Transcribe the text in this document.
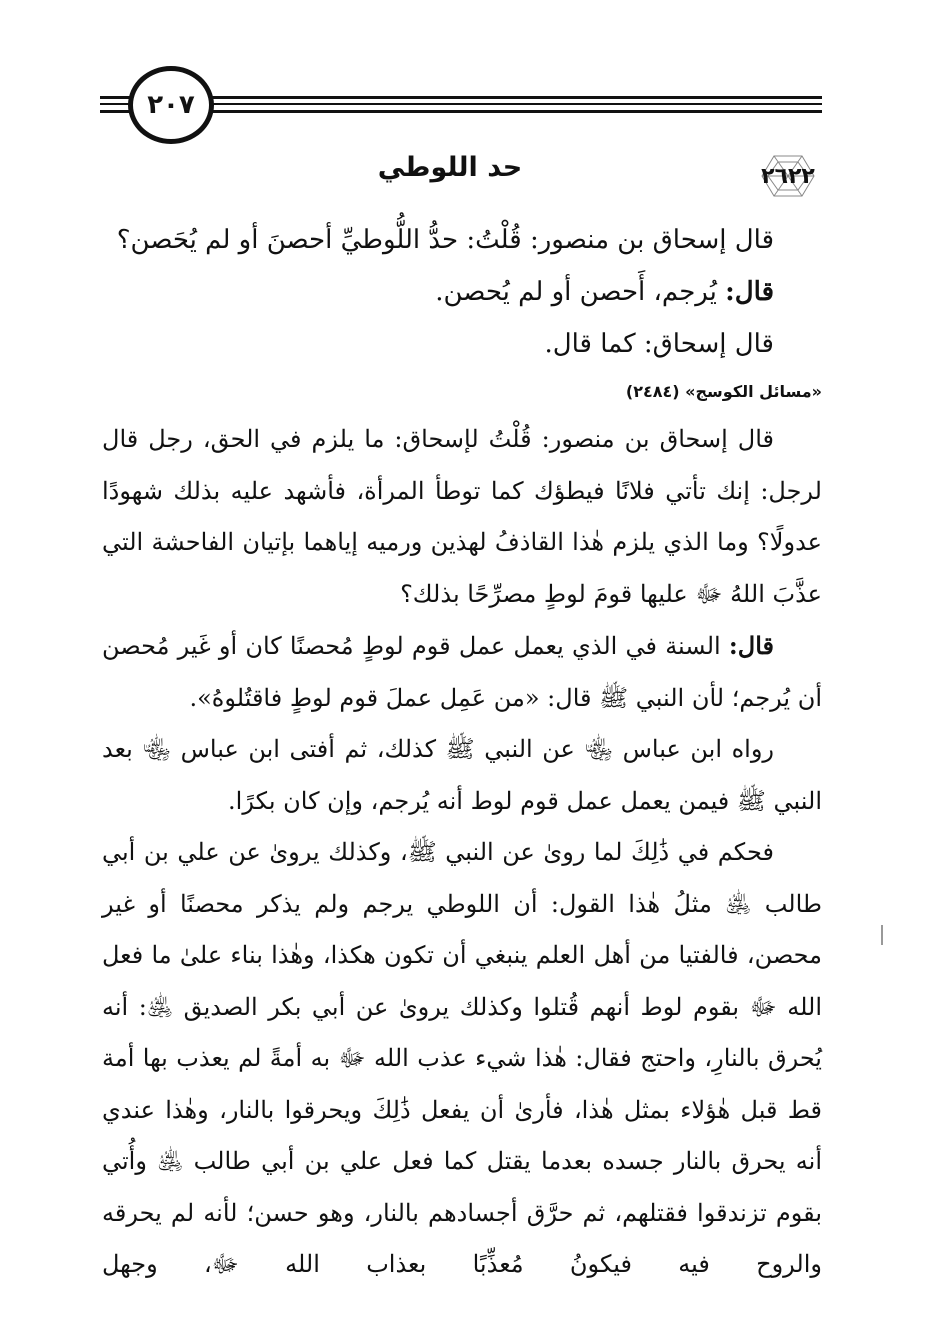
٢٠٧
٢٦٢٢
حد اللوطي
قال إسحاق بن منصور: قُلْتُ: حدُّ اللُّوطيِّ أحصنَ أو لم يُحَصن؟
قال: يُرجم، أَحصن أو لم يُحصن.
قال إسحاق: كما قال.
«مسائل الكوسج» (٢٤٨٤)

قال إسحاق بن منصور: قُلْتُ لإسحاق: ما يلزم في الحق، رجل قال لرجل: إنك تأتي فلانًا فيطؤك كما توطأ المرأة، فأشهد عليه بذلك شهودًا عدولًا؟ وما الذي يلزم هٰذا القاذفُ لهذين ورميه إياهما بإتيان الفاحشة التي عذَّبَ اللهُ ﷻ عليها قومَ لوطٍ مصرِّحًا بذلك؟

قال: السنة في الذي يعمل عمل قوم لوطٍ مُحصنًا كان أو غَير مُحصن أن يُرجم؛ لأن النبي ﷺ قال: «من عَمِل عملَ قوم لوطٍ فاقتُلوهُ».

رواه ابن عباس ﵄ عن النبي ﷺ كذلك، ثم أفتى ابن عباس ﵄ بعد النبي ﷺ فيمن يعمل عمل قوم لوط أنه يُرجم، وإن كان بكرًا.

فحكم في ذَٰلِكَ لما روىٰ عن النبي ﷺ، وكذلك يروىٰ عن علي بن أبي طالب ﵁ مثلُ هٰذا القول: أن اللوطي يرجم ولم يذكر محصنًا أو غير محصن، فالفتيا من أهل العلم ينبغي أن تكون هكذا، وهٰذا بناء علىٰ ما فعل الله ﷻ بقوم لوط أنهم قُتلوا وكذلك يروىٰ عن أبي بكر الصديق ﵁: أنه يُحرق بالنارِ، واحتج فقال: هٰذا شيء عذب الله ﷻ به أمةً لم يعذب بها أمة قط قبل هٰؤلاء بمثل هٰذا، فأرىٰ أن يفعل ذَٰلِكَ ويحرقوا بالنار، وهٰذا عندي أنه يحرق بالنار جسده بعدما يقتل كما فعل علي بن أبي طالب ﵁ وأُتي بقوم تزندقوا فقتلهم، ثم حرَّق أجسادهم بالنار، وهو حسن؛ لأنه لم يحرقه والروح فيه فيكونُ مُعذِّبًا بعذاب الله ﷻ، وجهل
